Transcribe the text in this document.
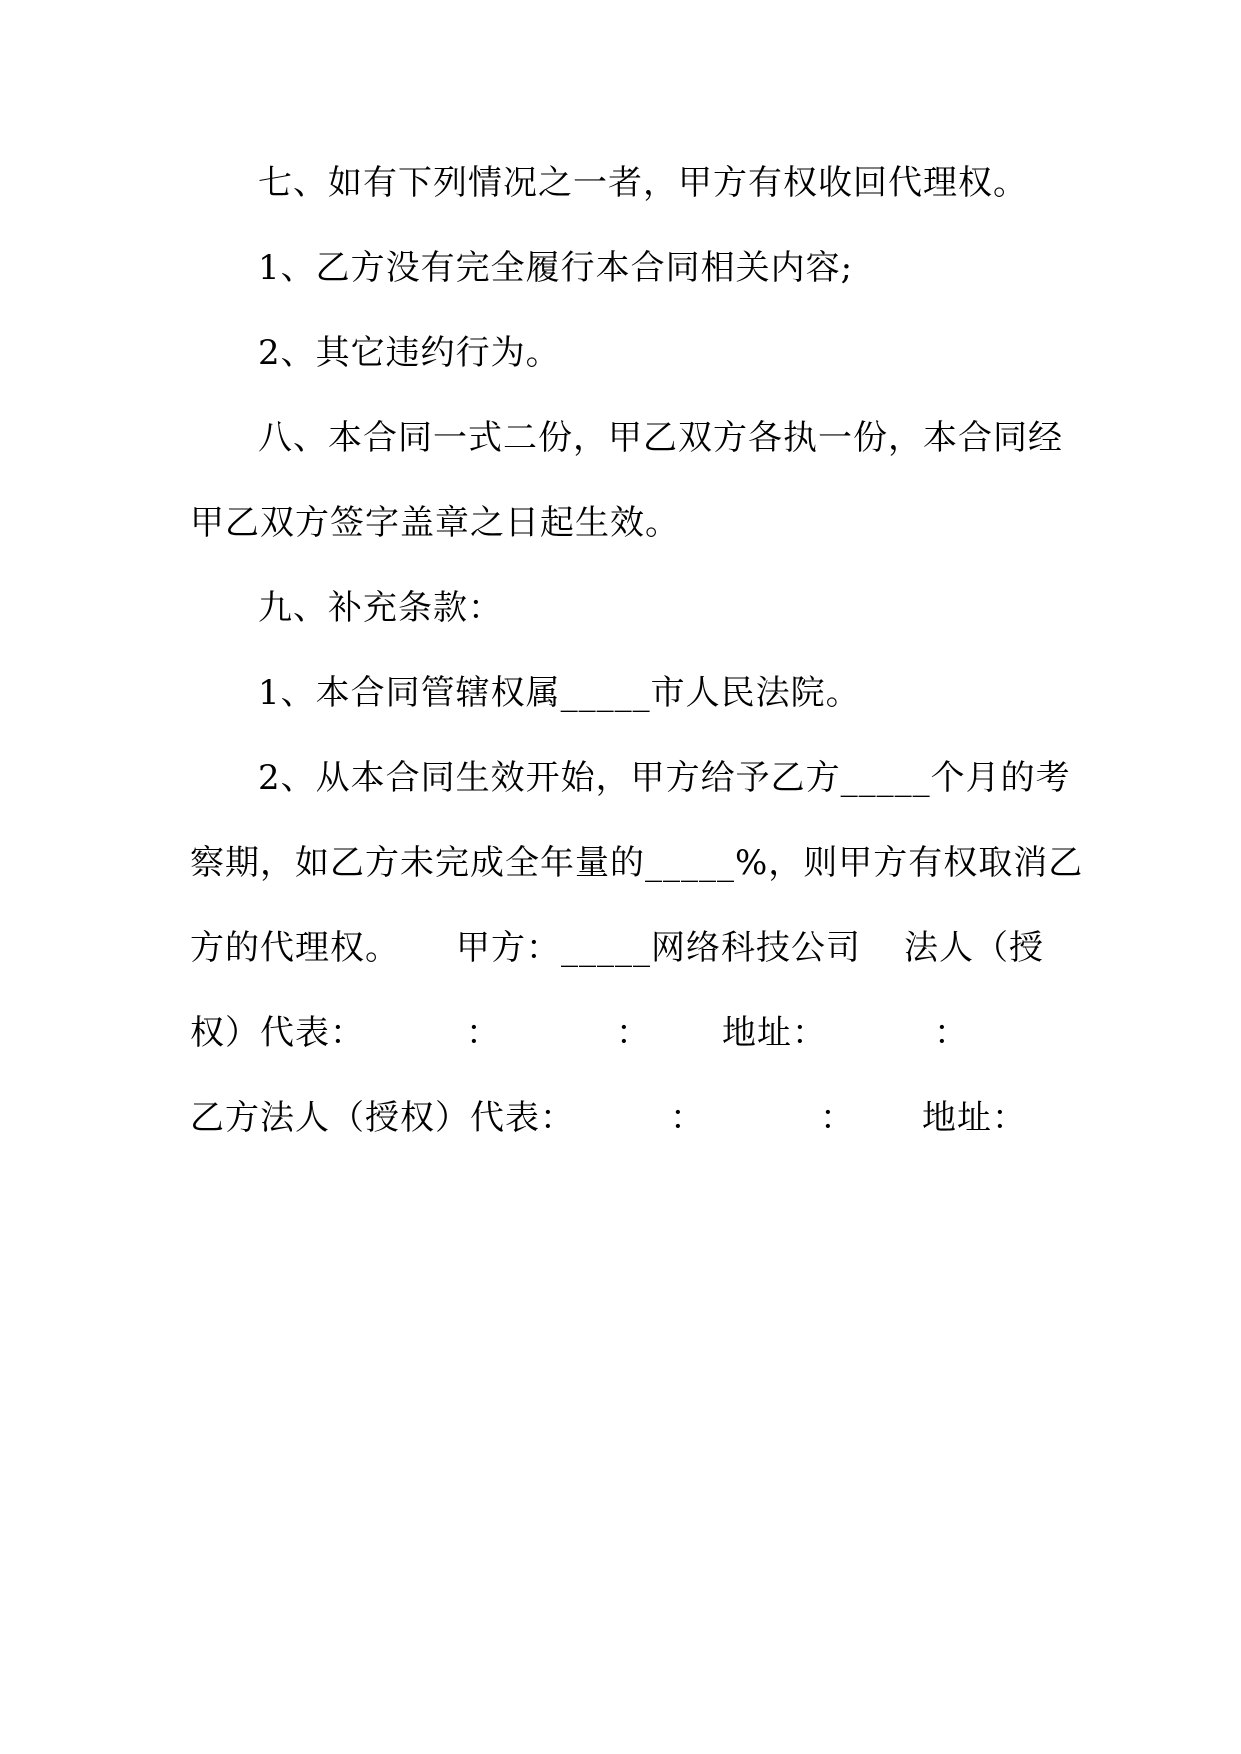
七、如有下列情况之一者，甲方有权收回代理权。
1、乙方没有完全履行本合同相关内容;
2、其它违约行为。
八、本合同一式二份，甲乙双方各执一份，本合同经
甲乙双方签字盖章之日起生效。
九、补充条款：
1、本合同管辖权属_____市人民法院。
2、从本合同生效开始，甲方给予乙方_____个月的考
察期，如乙方未完成全年量的_____%，则甲方有权取消乙

方的代理权。

甲方：_____网络科技公司

法人（授

权）代表：

	：

	：

地址：

	：

乙方法人（授权）代表：

	：

	：

地址：
